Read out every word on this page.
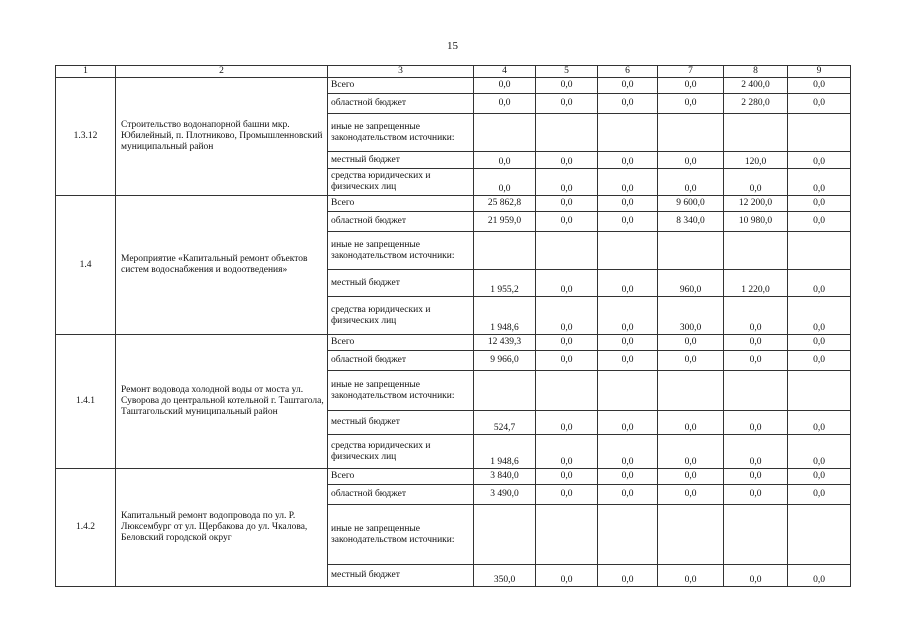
15
1	2	3	4	5	6	7	8	9
1.3.12	Строительство водонапорной башни мкр. Юбилейный, п. Плотниково, Промышленновский муниципальный район	Всего	0,0	0,0	0,0	0,0	2 400,0	0,0
		областной бюджет	0,0	0,0	0,0	0,0	2 280,0	0,0
		иные не запрещенные законодательством источники:						
		местный бюджет	0,0	0,0	0,0	0,0	120,0	0,0
		средства юридических и физических лиц	0,0	0,0	0,0	0,0	0,0	0,0
1.4	Мероприятие «Капитальный ремонт объектов систем водоснабжения и водоотведения»	Всего	25 862,8	0,0	0,0	9 600,0	12 200,0	0,0
		областной бюджет	21 959,0	0,0	0,0	8 340,0	10 980,0	0,0
		иные не запрещенные законодательством источники:						
		местный бюджет	1 955,2	0,0	0,0	960,0	1 220,0	0,0
		средства юридических и физических лиц	1 948,6	0,0	0,0	300,0	0,0	0,0
1.4.1	Ремонт водовода холодной воды от моста ул. Суворова до центральной котельной г. Таштагола, Таштагольский муниципальный район	Всего	12 439,3	0,0	0,0	0,0	0,0	0,0
		областной бюджет	9 966,0	0,0	0,0	0,0	0,0	0,0
		иные не запрещенные законодательством источники:						
		местный бюджет	524,7	0,0	0,0	0,0	0,0	0,0
		средства юридических и физических лиц	1 948,6	0,0	0,0	0,0	0,0	0,0
1.4.2	Капитальный ремонт водопровода по ул. Р. Люксембург от ул. Щербакова до ул. Чкалова, Беловский городской округ	Всего	3 840,0	0,0	0,0	0,0	0,0	0,0
		областной бюджет	3 490,0	0,0	0,0	0,0	0,0	0,0
		иные не запрещенные законодательством источники:						
		местный бюджет	350,0	0,0	0,0	0,0	0,0	0,0
